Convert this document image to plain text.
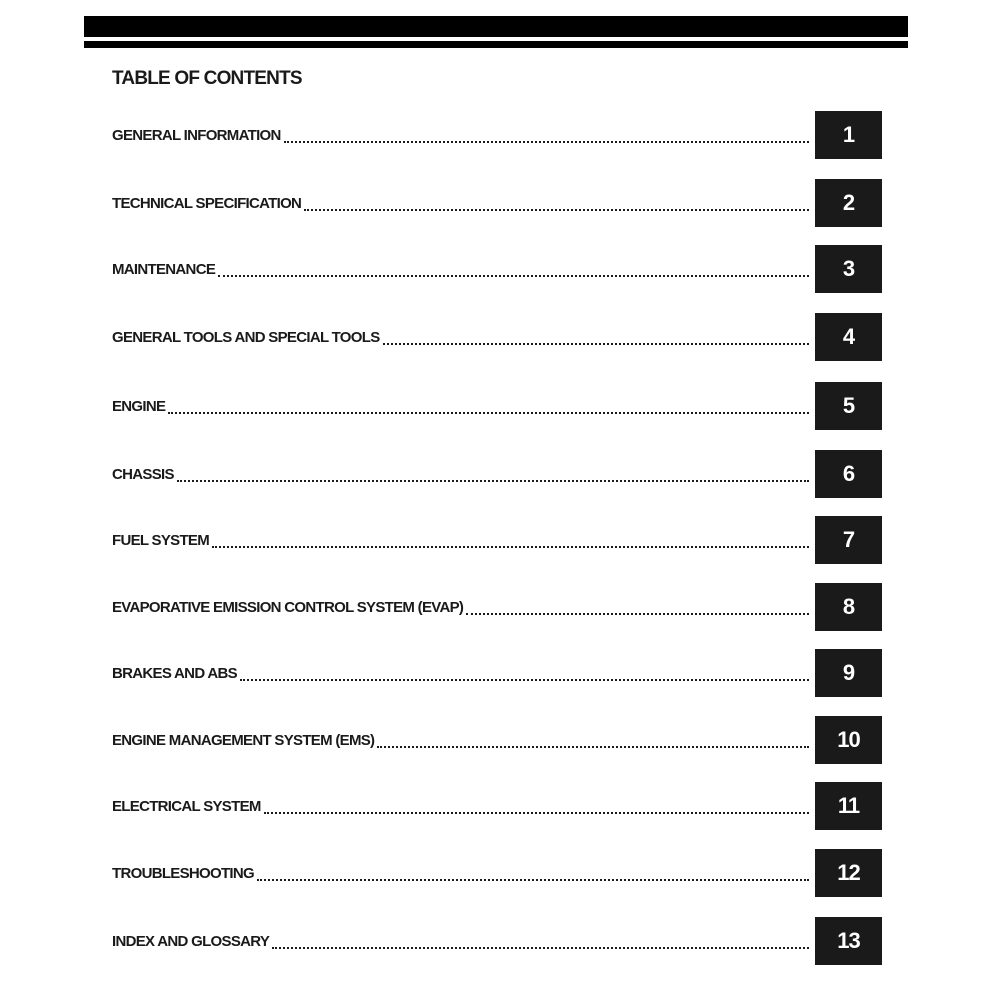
TABLE OF CONTENTS
GENERAL INFORMATION	1
TECHNICAL SPECIFICATION	2
MAINTENANCE	3
GENERAL TOOLS AND SPECIAL TOOLS	4
ENGINE	5
CHASSIS	6
FUEL SYSTEM	7
EVAPORATIVE EMISSION CONTROL SYSTEM (EVAP)	8
BRAKES AND ABS	9
ENGINE MANAGEMENT SYSTEM (EMS)	10
ELECTRICAL SYSTEM	11
TROUBLESHOOTING	12
INDEX AND GLOSSARY	13
